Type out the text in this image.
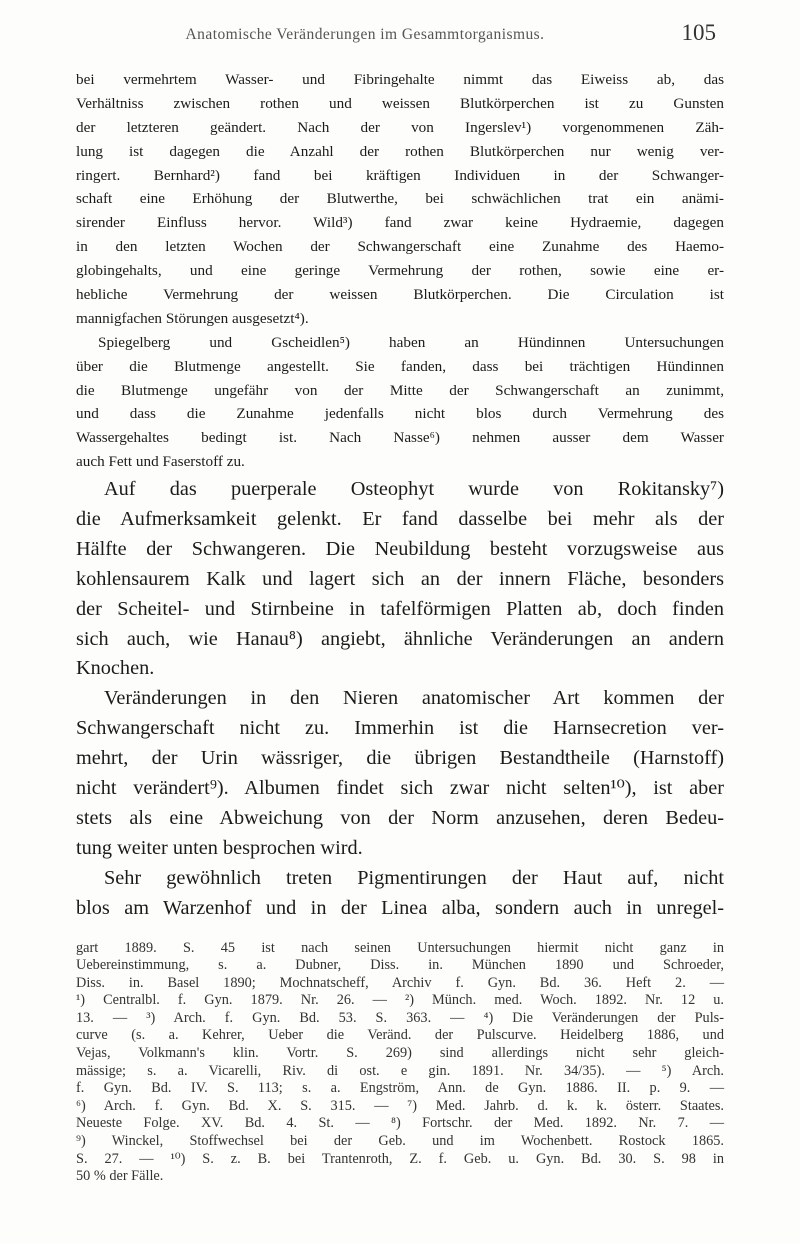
Anatomische Veränderungen im Gesammtorganismus.	105
bei vermehrtem Wasser- und Fibringehalte nimmt das Eiweiss ab, das
Verhältniss zwischen rothen und weissen Blutkörperchen ist zu Gunsten
der letzteren geändert. Nach der von Ingerslev¹) vorgenommenen Zäh-
lung ist dagegen die Anzahl der rothen Blutkörperchen nur wenig ver-
ringert. Bernhard²) fand bei kräftigen Individuen in der Schwanger-
schaft eine Erhöhung der Blutwerthe, bei schwächlichen trat ein anämi-
sirender Einfluss hervor. Wild³) fand zwar keine Hydraemie, dagegen
in den letzten Wochen der Schwangerschaft eine Zunahme des Haemo-
globingehalts, und eine geringe Vermehrung der rothen, sowie eine er-
hebliche Vermehrung der weissen Blutkörperchen. Die Circulation ist
mannigfachen Störungen ausgesetzt⁴).
Spiegelberg und Gscheidlen⁵) haben an Hündinnen Untersuchungen
über die Blutmenge angestellt. Sie fanden, dass bei trächtigen Hündinnen
die Blutmenge ungefähr von der Mitte der Schwangerschaft an zunimmt,
und dass die Zunahme jedenfalls nicht blos durch Vermehrung des
Wassergehaltes bedingt ist. Nach Nasse⁶) nehmen ausser dem Wasser
auch Fett und Faserstoff zu.
Auf das puerperale Osteophyt wurde von Rokitansky⁷)
die Aufmerksamkeit gelenkt. Er fand dasselbe bei mehr als der
Hälfte der Schwangeren. Die Neubildung besteht vorzugsweise aus
kohlensaurem Kalk und lagert sich an der innern Fläche, besonders
der Scheitel- und Stirnbeine in tafelförmigen Platten ab, doch finden
sich auch, wie Hanau⁸) angiebt, ähnliche Veränderungen an andern
Knochen.
Veränderungen in den Nieren anatomischer Art kommen der
Schwangerschaft nicht zu. Immerhin ist die Harnsecretion ver-
mehrt, der Urin wässriger, die übrigen Bestandtheile (Harnstoff)
nicht verändert⁹). Albumen findet sich zwar nicht selten¹⁰), ist aber
stets als eine Abweichung von der Norm anzusehen, deren Bedeu-
tung weiter unten besprochen wird.
Sehr gewöhnlich treten Pigmentirungen der Haut auf, nicht
blos am Warzenhof und in der Linea alba, sondern auch in unregel-
gart 1889. S. 45 ist nach seinen Untersuchungen hiermit nicht ganz in
Uebereinstimmung, s. a. Dubner, Diss. in. München 1890 und Schroeder,
Diss. in. Basel 1890; Mochnatscheff, Archiv f. Gyn. Bd. 36. Heft 2. —
¹) Centralbl. f. Gyn. 1879. Nr. 26. — ²) Münch. med. Woch. 1892. Nr. 12 u.
13. — ³) Arch. f. Gyn. Bd. 53. S. 363. — ⁴) Die Veränderungen der Puls-
curve (s. a. Kehrer, Ueber die Veränd. der Pulscurve. Heidelberg 1886, und
Vejas, Volkmann's klin. Vortr. S. 269) sind allerdings nicht sehr gleich-
mässige; s. a. Vicarelli, Riv. di ost. e gin. 1891. Nr. 34/35). — ⁵) Arch.
f. Gyn. Bd. IV. S. 113; s. a. Engström, Ann. de Gyn. 1886. II. p. 9. —
⁶) Arch. f. Gyn. Bd. X. S. 315. — ⁷) Med. Jahrb. d. k. k. österr. Staates.
Neueste Folge. XV. Bd. 4. St. — ⁸) Fortschr. der Med. 1892. Nr. 7. —
⁹) Winckel, Stoffwechsel bei der Geb. und im Wochenbett. Rostock 1865.
S. 27. — ¹⁰) S. z. B. bei Trantenroth, Z. f. Geb. u. Gyn. Bd. 30. S. 98 in
50 % der Fälle.
